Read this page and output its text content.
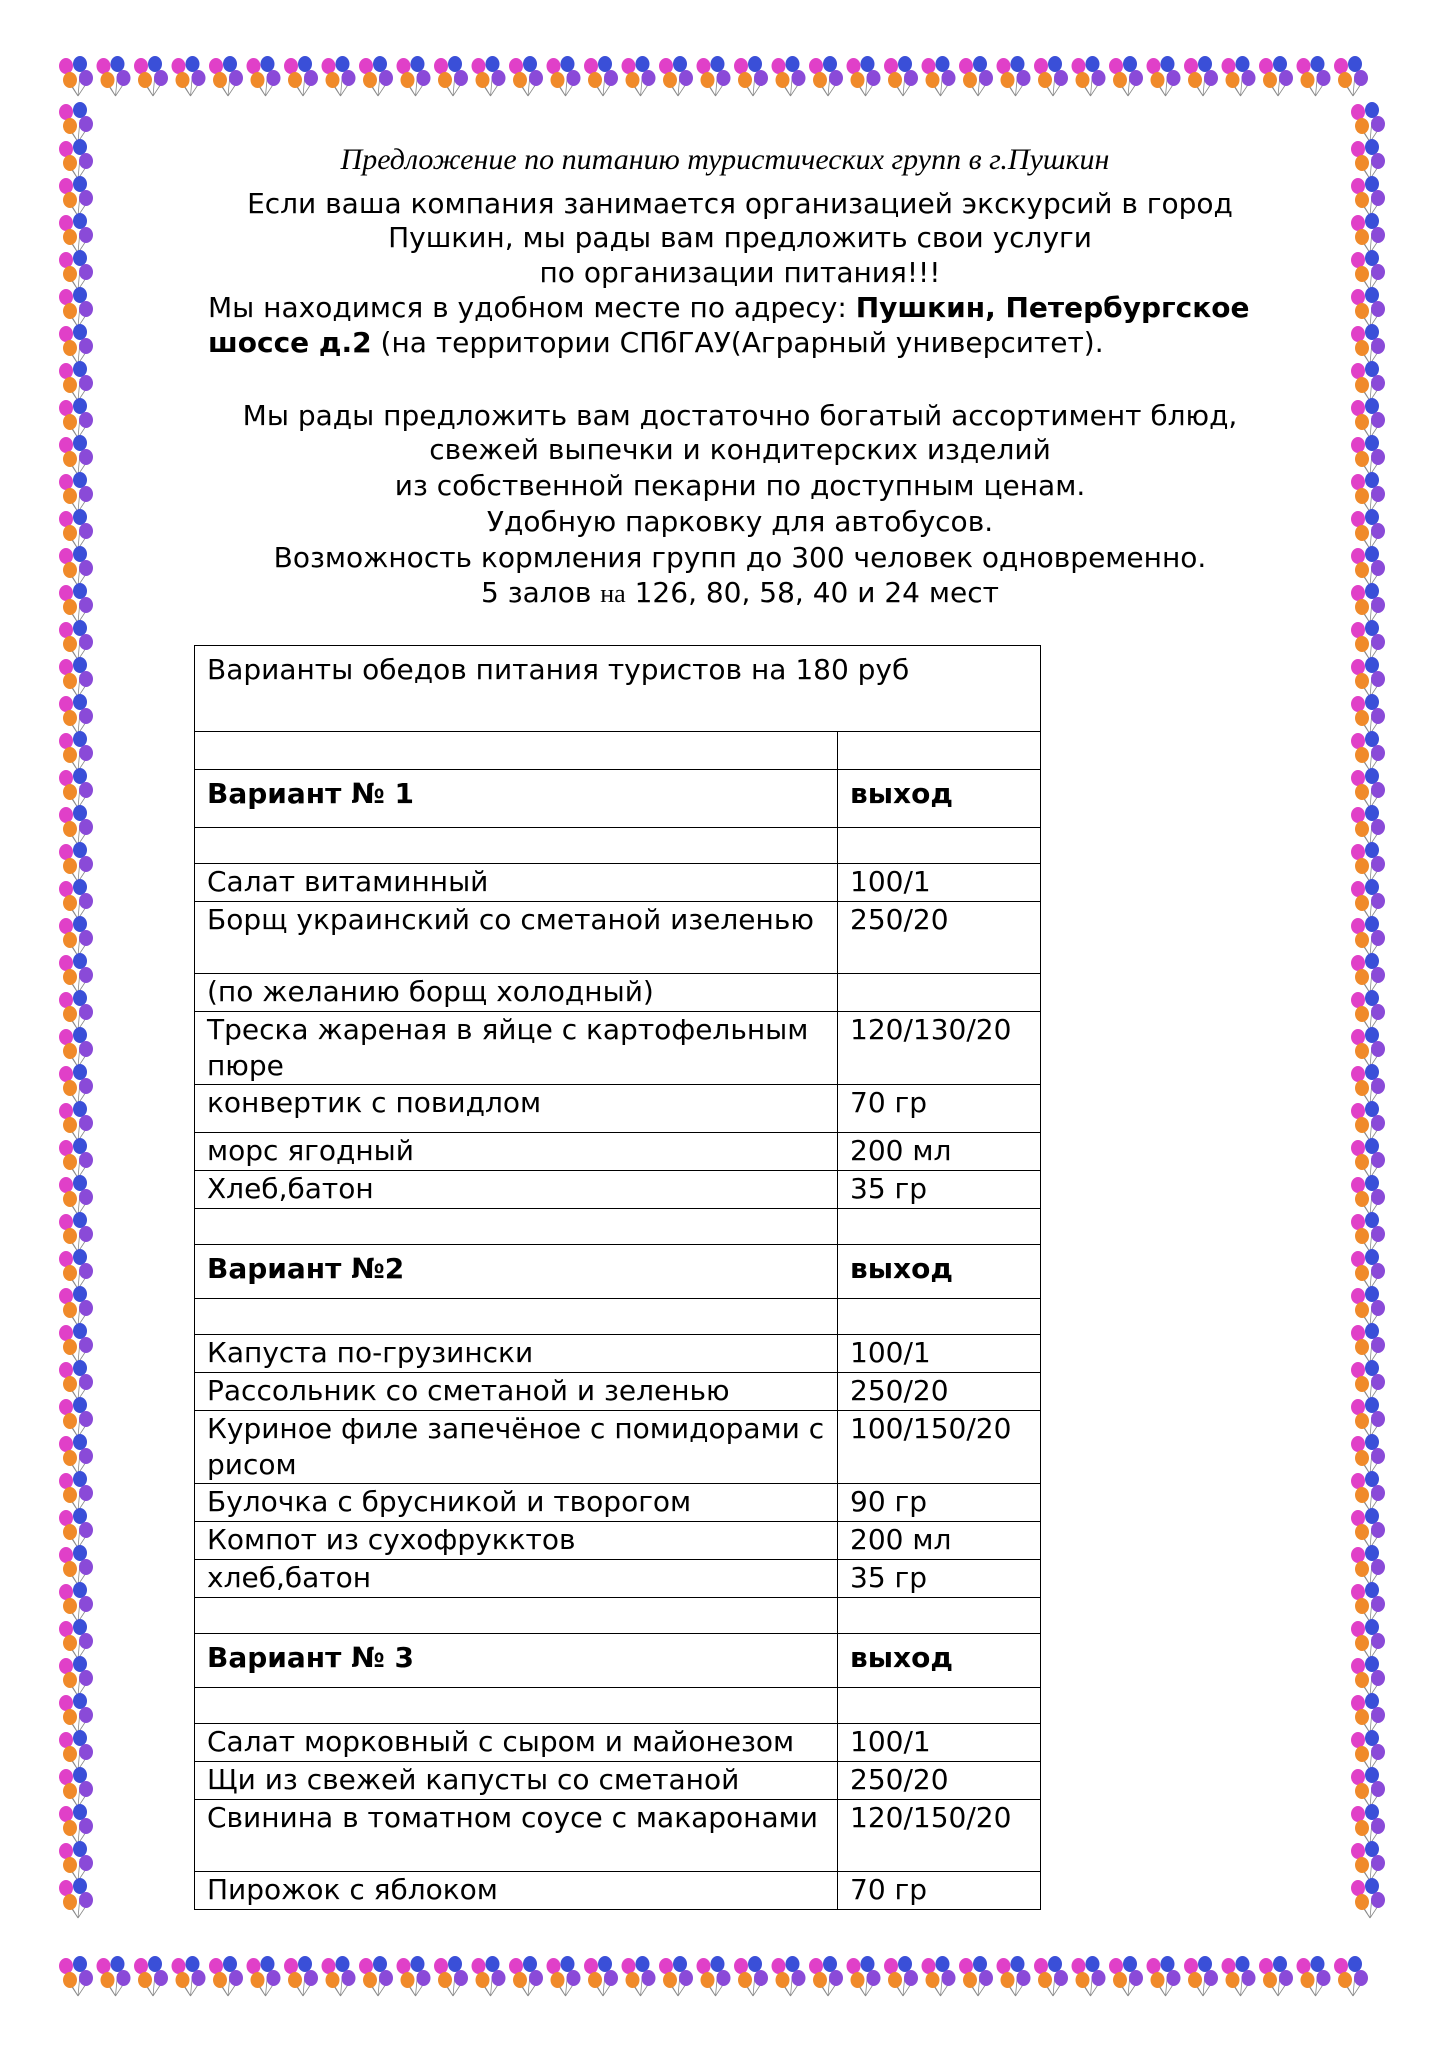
Предложение по питанию туристических групп в г.Пушкин
Если ваша компания занимается организацией экскурсий в город
Пушкин, мы рады вам предложить свои услуги
по организации питания!!!
Мы находимся в удобном месте по адресу: Пушкин, Петербургское
шоссе д.2 (на территории СПбГАУ(Аграрный университет).
Мы рады предложить вам достаточно богатый ассортимент блюд,
свежей выпечки и кондитерских изделий
из собственной пекарни по доступным ценам.
Удобную парковку для автобусов.
Возможность кормления групп до 300 человек одновременно.
5 залов на 126, 80, 58, 40 и 24 мест
Варианты обедов питания туристов на 180 руб	

Вариант № 1	выход

Салат витаминный	100/1
Борщ украинский со сметаной изеленью	250/20
(по желанию борщ холодный)	
Треска жареная в яйце с картофельным пюре	120/130/20
конвертик с повидлом	70 гр
морс ягодный	200 мл
Хлеб,батон	35 гр

Вариант №2	выход

Капуста по-грузински	100/1
Рассольник со сметаной и зеленью	250/20
Куриное филе запечёное с помидорами с рисом	100/150/20
Булочка с брусникой и творогом	90 гр
Компот из сухофрукктов	200 мл
хлеб,батон	35 гр

Вариант № 3	выход

Салат морковный с сыром и майонезом	100/1
Щи из свежей капусты со сметаной	250/20
Свинина в томатном соусе с макаронами	120/150/20
Пирожок с яблоком	70 гр
